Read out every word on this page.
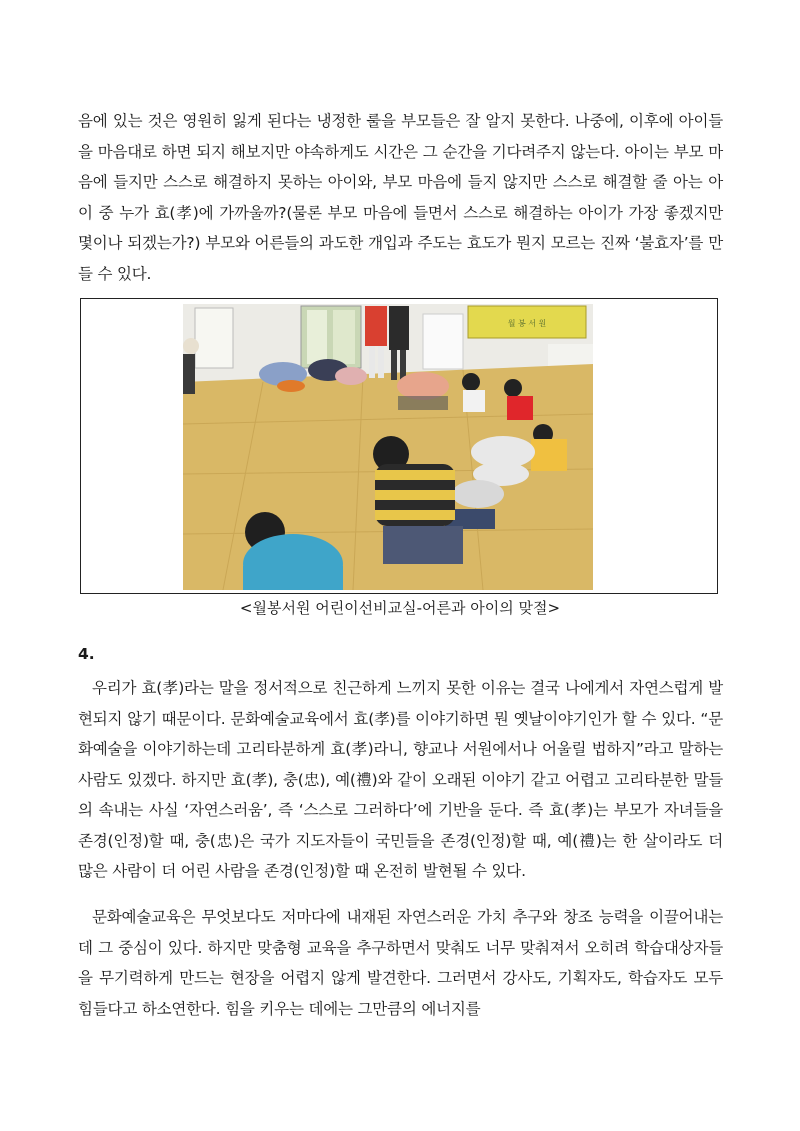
음에 있는 것은 영원히 잃게 된다는 냉정한 룰을 부모들은 잘 알지 못한다. 나중에, 이후에 아이들을 마음대로 하면 되지 해보지만 야속하게도 시간은 그 순간을 기다려주지 않는다. 아이는 부모 마음에 들지만 스스로 해결하지 못하는 아이와, 부모 마음에 들지 않지만 스스로 해결할 줄 아는 아이 중 누가 효(孝)에 가까울까?(물론 부모 마음에 들면서 스스로 해결하는 아이가 가장 좋겠지만 몇이나 되겠는가?) 부모와 어른들의 과도한 개입과 주도는 효도가 뭔지 모르는 진짜 ‘불효자’를 만들 수 있다.

월 봉 서 원

<월봉서원 어린이선비교실-어른과 아이의 맞절>

4.

우리가 효(孝)라는 말을 정서적으로 친근하게 느끼지 못한 이유는 결국 나에게서 자연스럽게 발현되지 않기 때문이다. 문화예술교육에서 효(孝)를 이야기하면 뭔 옛날이야기인가 할 수 있다. “문화예술을 이야기하는데 고리타분하게 효(孝)라니, 향교나 서원에서나 어울릴 법하지”라고 말하는 사람도 있겠다. 하지만 효(孝), 충(忠), 예(禮)와 같이 오래된 이야기 같고 어렵고 고리타분한 말들의 속내는 사실 ‘자연스러움’, 즉 ‘스스로 그러하다’에 기반을 둔다. 즉 효(孝)는 부모가 자녀들을 존경(인정)할 때, 충(忠)은 국가 지도자들이 국민들을 존경(인정)할 때, 예(禮)는 한 살이라도 더 많은 사람이 더 어린 사람을 존경(인정)할 때 온전히 발현될 수 있다.

문화예술교육은 무엇보다도 저마다에 내재된 자연스러운 가치 추구와 창조 능력을 이끌어내는데 그 중심이 있다. 하지만 맞춤형 교육을 추구하면서 맞춰도 너무 맞춰져서 오히려 학습대상자들을 무기력하게 만드는 현장을 어렵지 않게 발견한다. 그러면서 강사도, 기획자도, 학습자도 모두 힘들다고 하소연한다. 힘을 키우는 데에는 그만큼의 에너지를
